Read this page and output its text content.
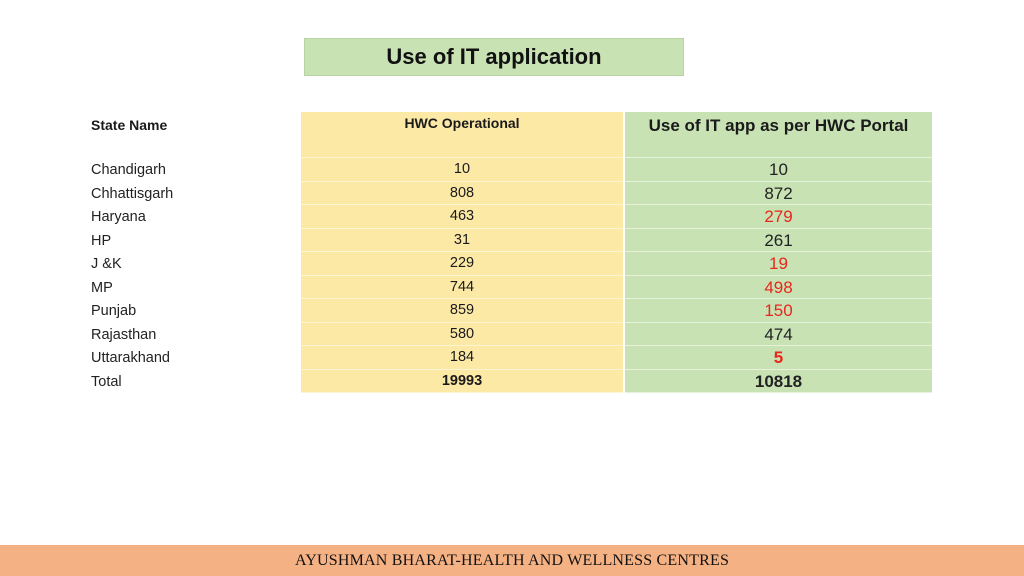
Use of IT application
State Name
Chandigarh
Chhattisgarh
Haryana
HP
J &K
MP
Punjab
Rajasthan
Uttarakhand
Total
HWC Operational
10
808
463
31
229
744
859
580
184
19993
Use of IT app as per HWC Portal
10
872
279
261
19
498
150
474
5
10818
AYUSHMAN BHARAT-HEALTH AND WELLNESS CENTRES
